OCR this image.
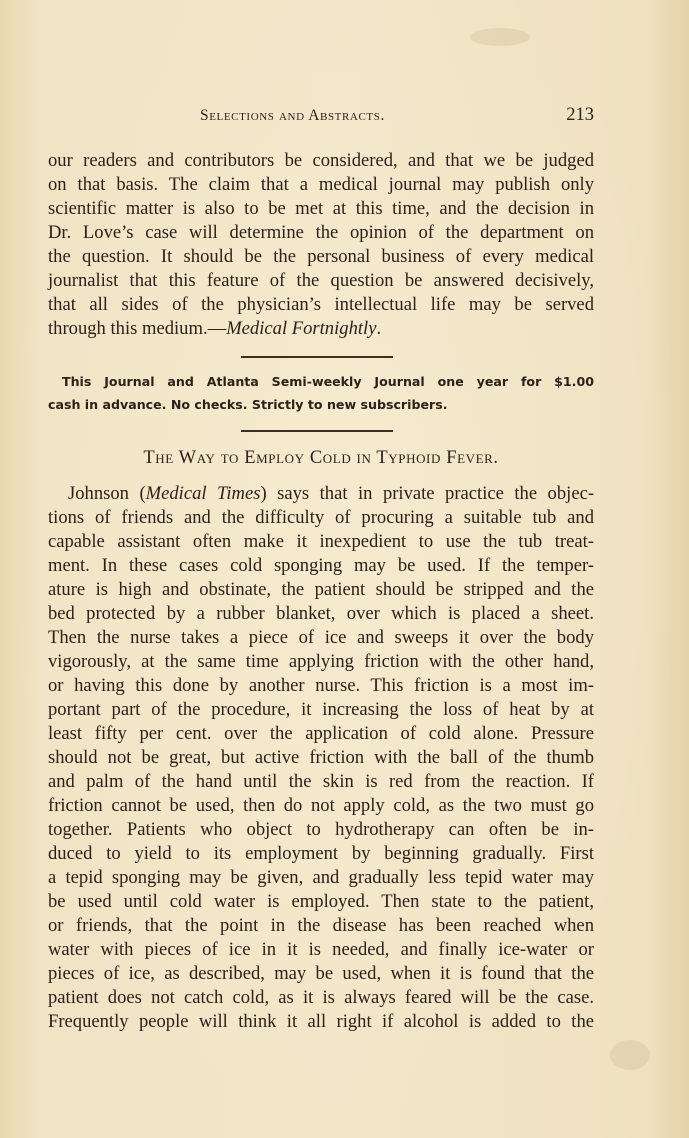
Selections and Abstracts.	213
our readers and contributors be considered, and that we be judged
on that basis. The claim that a medical journal may publish only
scientific matter is also to be met at this time, and the decision in
Dr. Love’s case will determine the opinion of the department on
the question. It should be the personal business of every medical
journalist that this feature of the question be answered decisively,
that all sides of the physician’s intellectual life may be served
through this medium.—Medical Fortnightly.
This Journal and Atlanta Semi-weekly Journal one year for $1.00
cash in advance. No checks. Strictly to new subscribers.
The Way to Employ Cold in Typhoid Fever.
Johnson (Medical Times) says that in private practice the objec-
tions of friends and the difficulty of procuring a suitable tub and
capable assistant often make it inexpedient to use the tub treat-
ment. In these cases cold sponging may be used. If the temper-
ature is high and obstinate, the patient should be stripped and the
bed protected by a rubber blanket, over which is placed a sheet.
Then the nurse takes a piece of ice and sweeps it over the body
vigorously, at the same time applying friction with the other hand,
or having this done by another nurse. This friction is a most im-
portant part of the procedure, it increasing the loss of heat by at
least fifty per cent. over the application of cold alone. Pressure
should not be great, but active friction with the ball of the thumb
and palm of the hand until the skin is red from the reaction. If
friction cannot be used, then do not apply cold, as the two must go
together. Patients who object to hydrotherapy can often be in-
duced to yield to its employment by beginning gradually. First
a tepid sponging may be given, and gradually less tepid water may
be used until cold water is employed. Then state to the patient,
or friends, that the point in the disease has been reached when
water with pieces of ice in it is needed, and finally ice-water or
pieces of ice, as described, may be used, when it is found that the
patient does not catch cold, as it is always feared will be the case.
Frequently people will think it all right if alcohol is added to the
